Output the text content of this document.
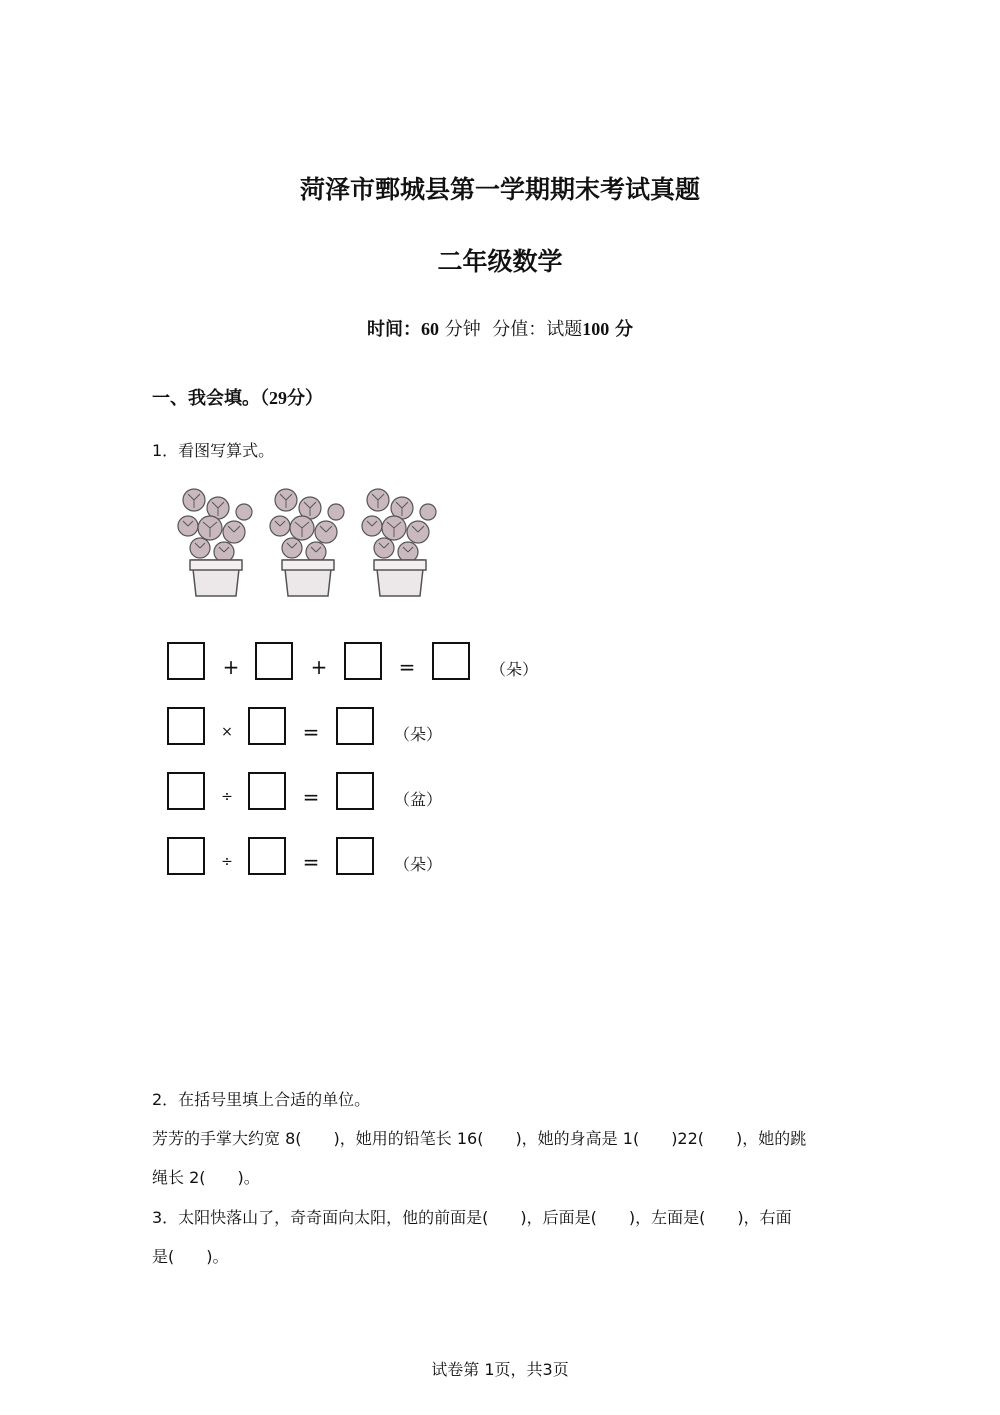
菏泽市鄄城县第一学期期末考试真题
二年级数学
时间：60 分钟 分值：试题100 分
一、我会填。（29分）
1．看图写算式。
+	+	=	（朵）
×	=	（朵）
÷	=	（盆）
÷	=	（朵）
2．在括号里填上合适的单位。
芳芳的手掌大约宽 8(　　)，她用的铅笔长 16(　　)，她的身高是 1(　　)22(　　)，她的跳
绳长 2(　　)。
3．太阳快落山了，奇奇面向太阳，他的前面是(　　)，后面是(　　)，左面是(　　)，右面
是(　　)。
试卷第 1页，共3页
